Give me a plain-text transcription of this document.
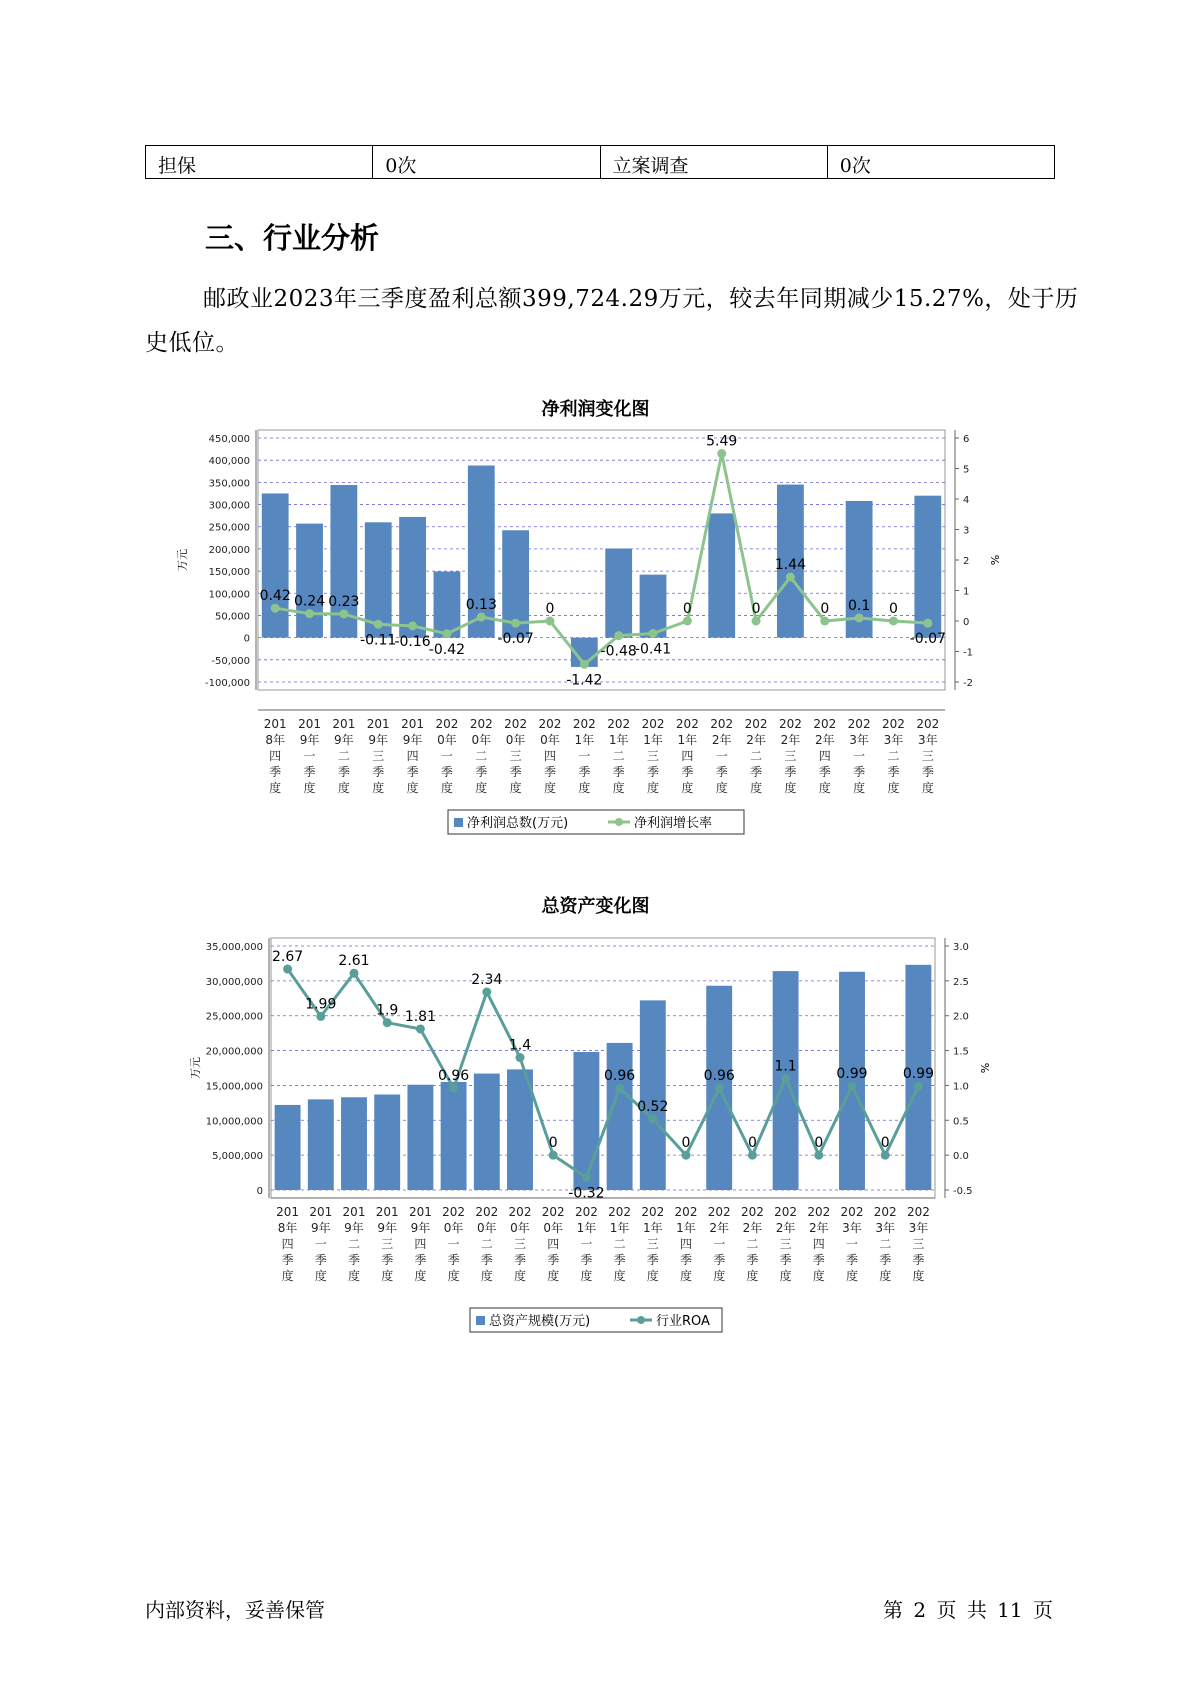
担保	0次	立案调查	0次
三、行业分析

邮政业2023年三季度盈利总额399,724.29万元，较去年同期减少15.27%，处于历史低位。

净利润变化图
450,000
400,000
350,000
300,000
250,000
200,000
150,000
100,000
50,000
0
-50,000
-100,000
6
5
4
3
2
1
0
-1
-2
万元	%
201 8年四季度
201 9年一季度
201 9年二季度
201 9年三季度
201 9年四季度
202 0年一季度
202 0年二季度
202 0年三季度
202 0年四季度
202 1年一季度
202 1年二季度
202 1年三季度
202 1年四季度
202 2年一季度
202 2年二季度
202 2年三季度
202 2年四季度
202 3年一季度
202 3年二季度
202 3年三季度
0.42 0.24 0.23
-0.11
-0.16
-0.42
0.13
-0.07
0
-1.42
-0.48
-0.41
0
5.49
0
1.44
0 0.1 0
-0.07
净利润总数(万元)	净利润增长率
总资产变化图
35,000,000
30,000,000
25,000,000
20,000,000
15,000,000
10,000,000
5,000,000
0
3.0
2.5
2.0
1.5
1.0
0.5
0.0
-0.5
万元	%
201 8年四季度
201 9年一季度
201 9年二季度
201 9年三季度
201 9年四季度
202 0年一季度
202 0年二季度
202 0年三季度
202 0年四季度
202 1年一季度
202 1年二季度
202 1年三季度
202 1年四季度
202 2年一季度
202 2年二季度
202 2年三季度
202 2年四季度
202 3年一季度
202 3年二季度
202 3年三季度
2.67
1.99
2.61
1.9 1.81
0.96
2.34
1.4
0
-0.32
0.96
0.52
0
0.96
0
1.1
0
0.99
0
0.99
总资产规模(万元)	行业ROA
内部资料，妥善保管	第 2 页 共 11 页
